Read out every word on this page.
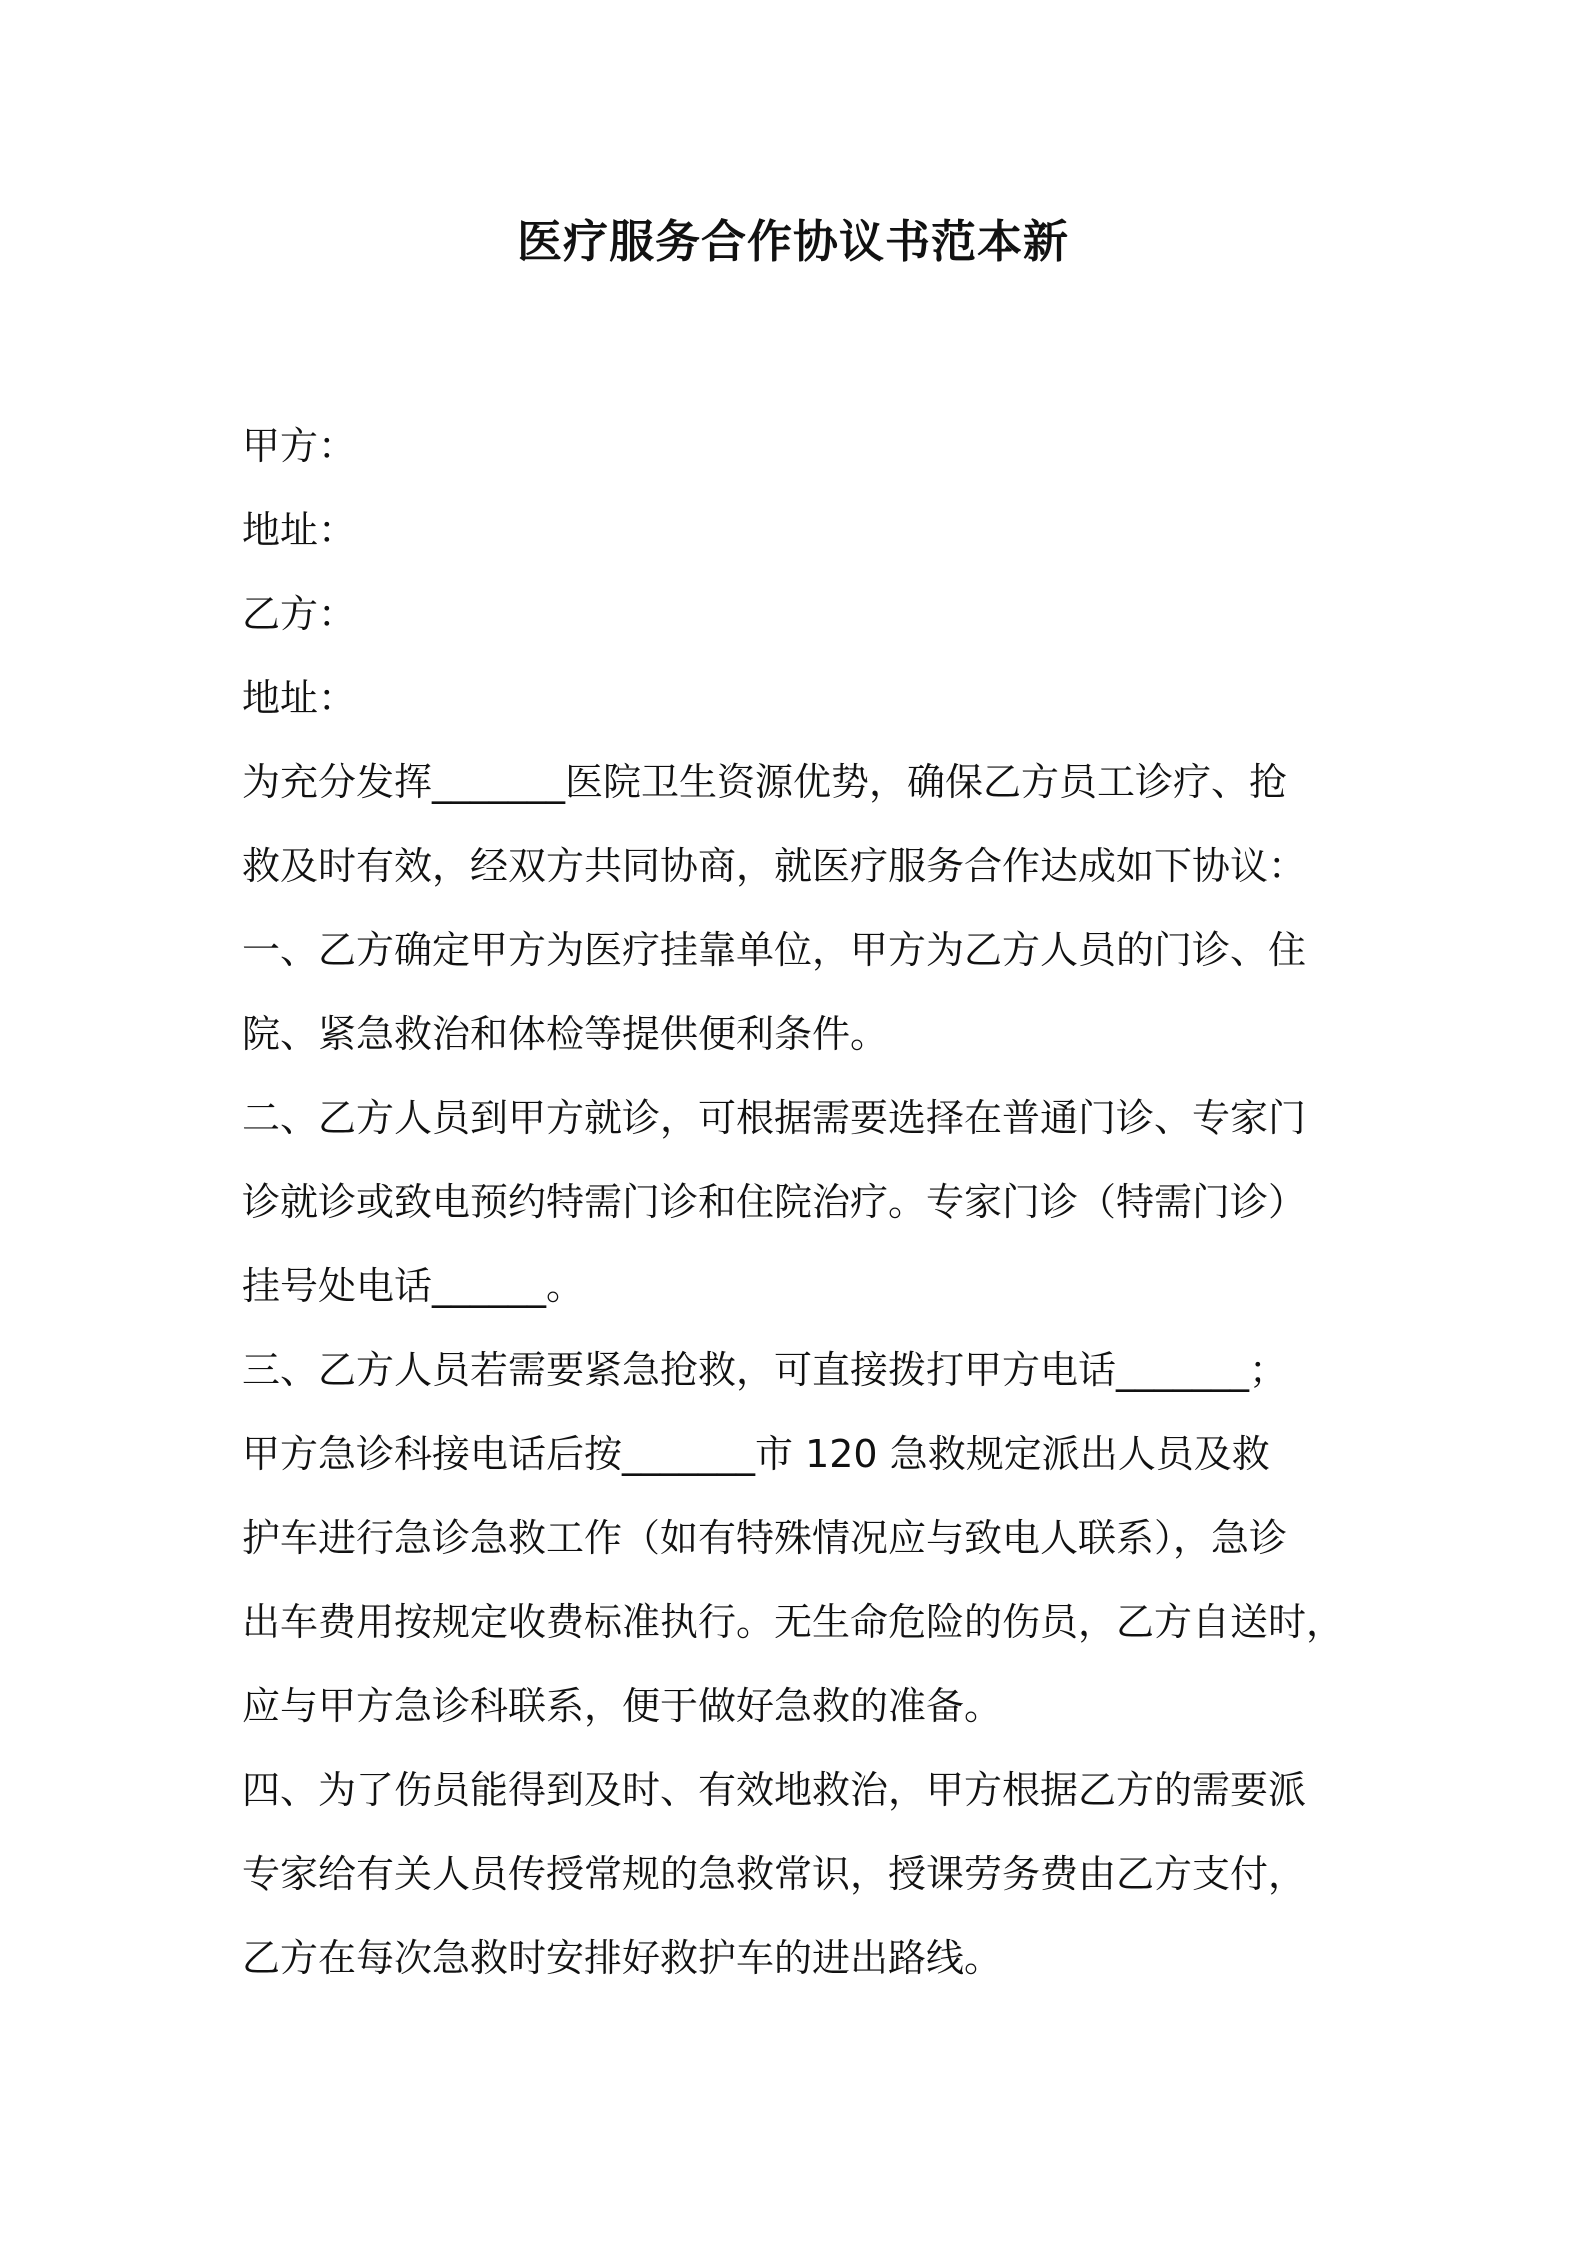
医疗服务合作协议书范本新
甲方：
地址：
乙方：
地址：
为充分发挥_______医院卫生资源优势，确保乙方员工诊疗、抢
救及时有效，经双方共同协商，就医疗服务合作达成如下协议：
一、乙方确定甲方为医疗挂靠单位，甲方为乙方人员的门诊、住
院、紧急救治和体检等提供便利条件。
二、乙方人员到甲方就诊，可根据需要选择在普通门诊、专家门
诊就诊或致电预约特需门诊和住院治疗。专家门诊（特需门诊）
挂号处电话______。
三、乙方人员若需要紧急抢救，可直接拨打甲方电话_______；
甲方急诊科接电话后按_______市 120 急救规定派出人员及救
护车进行急诊急救工作（如有特殊情况应与致电人联系），急诊
出车费用按规定收费标准执行。无生命危险的伤员，乙方自送时，
应与甲方急诊科联系，便于做好急救的准备。
四、为了伤员能得到及时、有效地救治，甲方根据乙方的需要派
专家给有关人员传授常规的急救常识，授课劳务费由乙方支付，
乙方在每次急救时安排好救护车的进出路线。
